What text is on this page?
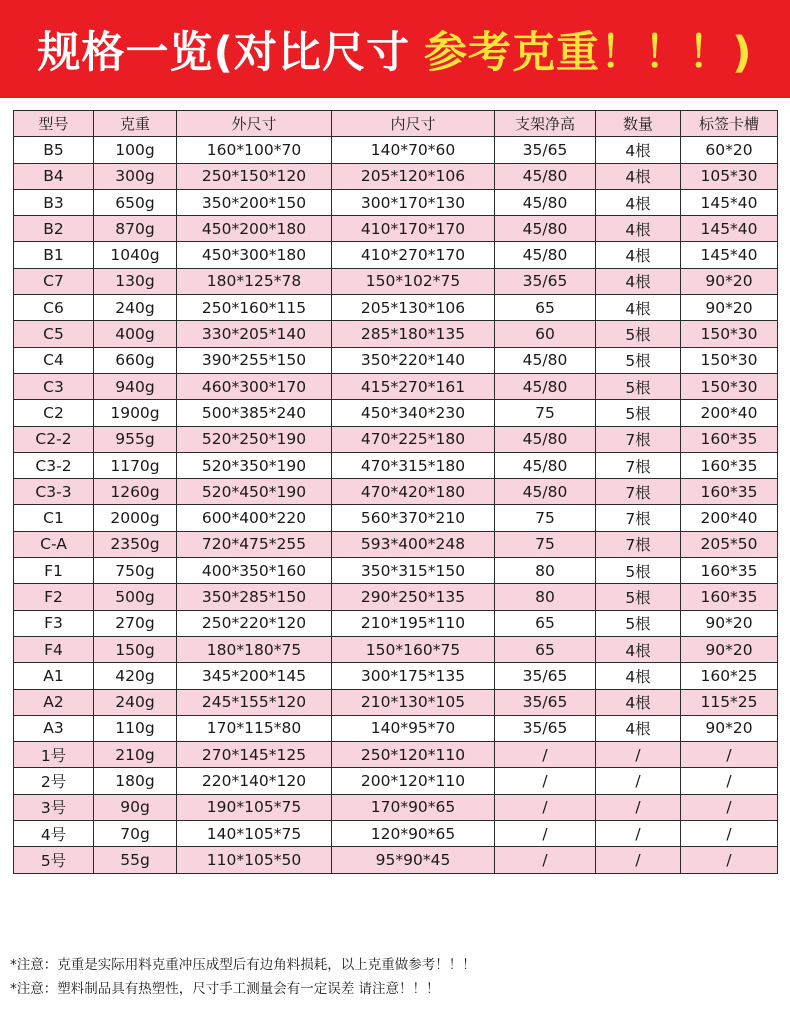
规格一览(对比尺寸 参考克重！！！)
型号	克重	外尺寸	内尺寸	支架净高	数量	标签卡槽
B5	100g	160*100*70	140*70*60	35/65	4根	60*20
B4	300g	250*150*120	205*120*106	45/80	4根	105*30
B3	650g	350*200*150	300*170*130	45/80	4根	145*40
B2	870g	450*200*180	410*170*170	45/80	4根	145*40
B1	1040g	450*300*180	410*270*170	45/80	4根	145*40
C7	130g	180*125*78	150*102*75	35/65	4根	90*20
C6	240g	250*160*115	205*130*106	65	4根	90*20
C5	400g	330*205*140	285*180*135	60	5根	150*30
C4	660g	390*255*150	350*220*140	45/80	5根	150*30
C3	940g	460*300*170	415*270*161	45/80	5根	150*30
C2	1900g	500*385*240	450*340*230	75	5根	200*40
C2-2	955g	520*250*190	470*225*180	45/80	7根	160*35
C3-2	1170g	520*350*190	470*315*180	45/80	7根	160*35
C3-3	1260g	520*450*190	470*420*180	45/80	7根	160*35
C1	2000g	600*400*220	560*370*210	75	7根	200*40
C-A	2350g	720*475*255	593*400*248	75	7根	205*50
F1	750g	400*350*160	350*315*150	80	5根	160*35
F2	500g	350*285*150	290*250*135	80	5根	160*35
F3	270g	250*220*120	210*195*110	65	5根	90*20
F4	150g	180*180*75	150*160*75	65	4根	90*20
A1	420g	345*200*145	300*175*135	35/65	4根	160*25
A2	240g	245*155*120	210*130*105	35/65	4根	115*25
A3	110g	170*115*80	140*95*70	35/65	4根	90*20
1号	210g	270*145*125	250*120*110	/	/	/
2号	180g	220*140*120	200*120*110	/	/	/
3号	90g	190*105*75	170*90*65	/	/	/
4号	70g	140*105*75	120*90*65	/	/	/
5号	55g	110*105*50	95*90*45	/	/	/
*注意：克重是实际用料克重冲压成型后有边角料损耗，以上克重做参考！！！
*注意：塑料制品具有热塑性，尺寸手工测量会有一定误差 请注意！！！
